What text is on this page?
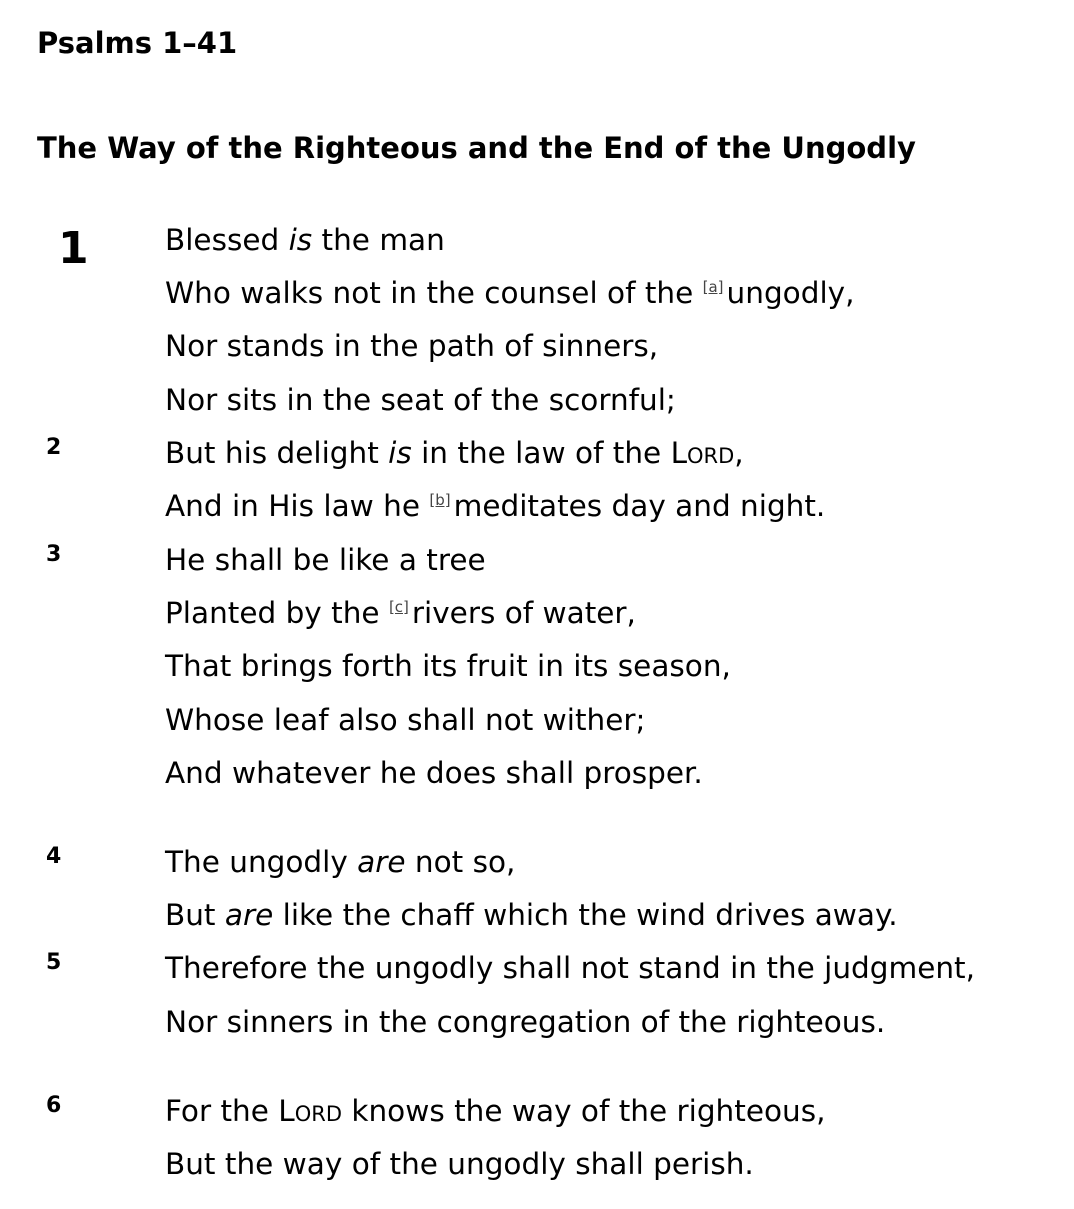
Psalms 1–41
The Way of the Righteous and the End of the Ungodly
1	Blessed is the man
Who walks not in the counsel of the [a] ungodly,
Nor stands in the path of sinners,
Nor sits in the seat of the scornful;
2	But his delight is in the law of the Lord,
And in His law he [b] meditates day and night.
3	He shall be like a tree
Planted by the [c] rivers of water,
That brings forth its fruit in its season,
Whose leaf also shall not wither;
And whatever he does shall prosper.
4	The ungodly are not so,
But are like the chaff which the wind drives away.
5	Therefore the ungodly shall not stand in the judgment,
Nor sinners in the congregation of the righteous.
6	For the Lord knows the way of the righteous,
But the way of the ungodly shall perish.
